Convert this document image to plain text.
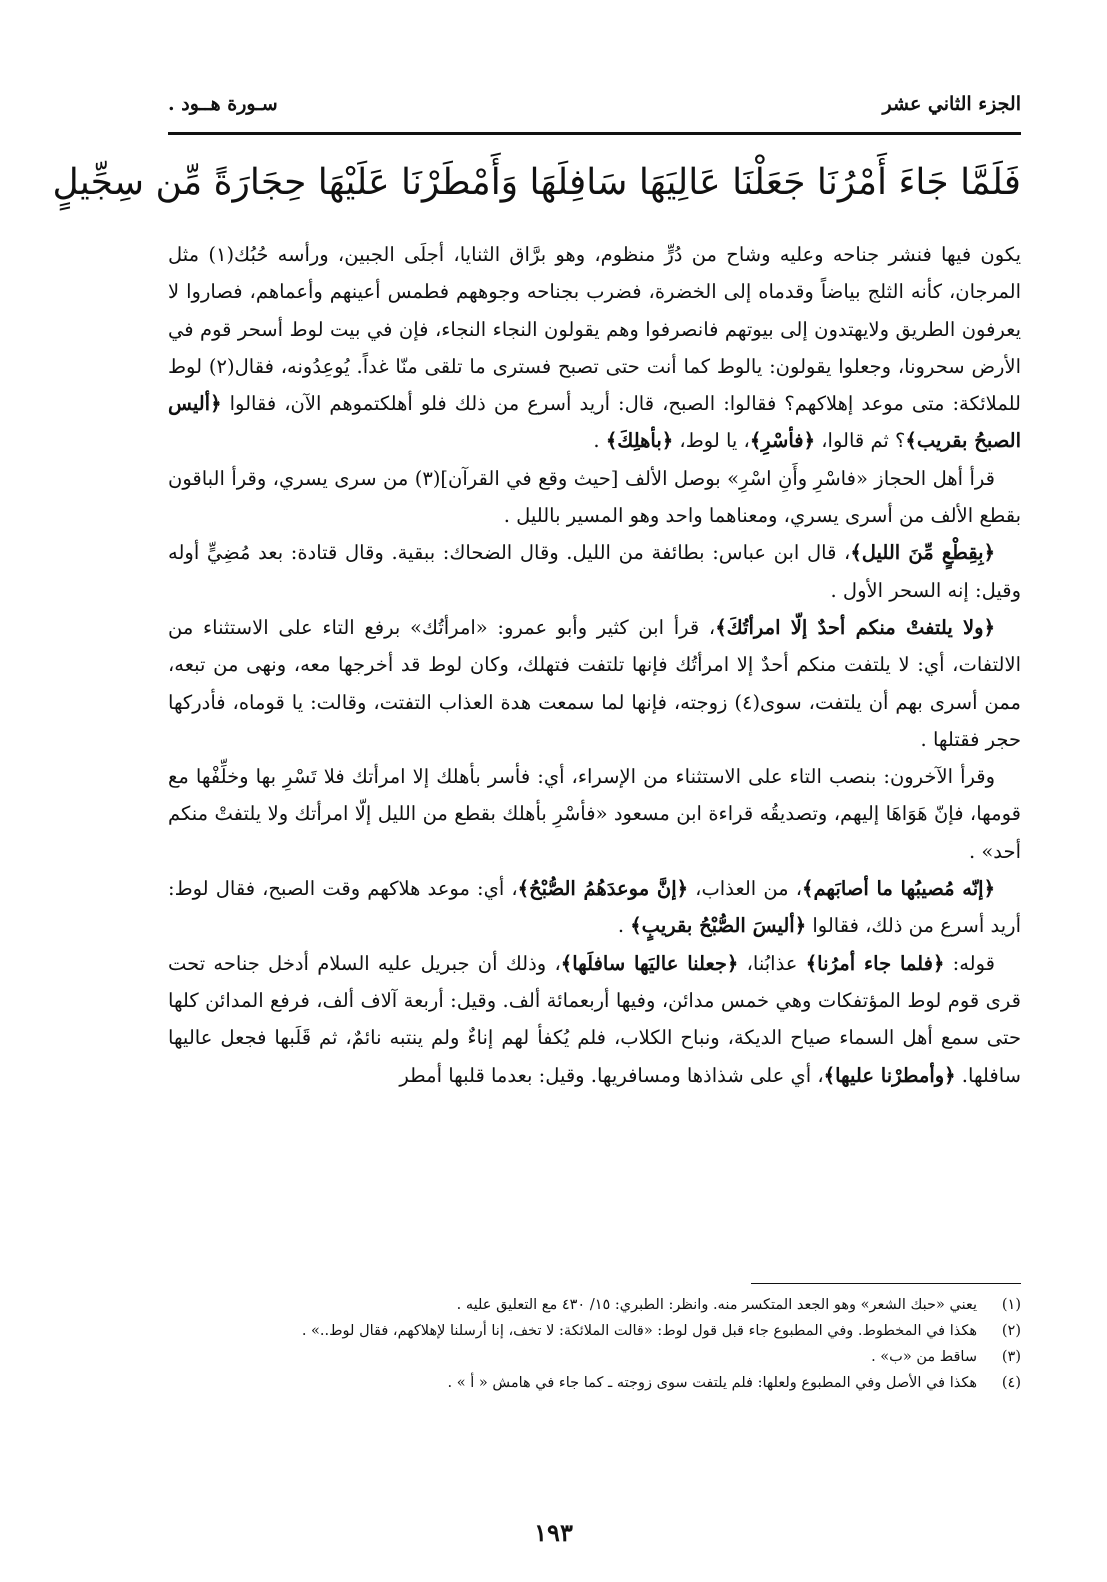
الجزء الثاني عشر
سـورة هــود .
فَلَمَّا جَاءَ أَمْرُنَا جَعَلْنَا عَالِيَهَا سَافِلَهَا وَأَمْطَرْنَا عَلَيْهَا حِجَارَةً مِّن سِجِّيلٍ

يكون فيها فنشر جناحه وعليه وشاح من دُرٍّ منظوم، وهو برَّاق الثنايا، أجلَى الجبين، ورأسه حُبُك(١) مثل المرجان، كأنه الثلج بياضاً وقدماه إلى الخضرة، فضرب بجناحه وجوههم فطمس أعينهم وأعماهم، فصاروا لا يعرفون الطريق ولايهتدون إلى بيوتهم فانصرفوا وهم يقولون النجاء النجاء، فإن في بيت لوط أسحر قوم في الأرض سحرونا، وجعلوا يقولون: يالوط كما أنت حتى تصبح فسترى ما تلقى منّا غداً. يُوعِدُونه، فقال(٢) لوط للملائكة: متى موعد إهلاكهم؟ فقالوا: الصبح، قال: أريد أسرع من ذلك فلو أهلكتموهم الآن، فقالوا ﴿أليس الصبحُ بقريب﴾؟ ثم قالوا، ﴿فأسْرِ﴾، يا لوط، ﴿بأهلِكَ﴾ .

قرأ أهل الحجاز «فاسْرِ وأَنِ اسْرِ» بوصل الألف [حيث وقع في القرآن](٣) من سرى يسري، وقرأ الباقون بقطع الألف من أسرى يسري، ومعناهما واحد وهو المسير بالليل .

﴿بِقِطْعٍ مِّنَ الليل﴾، قال ابن عباس: بطائفة من الليل. وقال الضحاك: ببقية. وقال قتادة: بعد مُضِيٍّ أوله وقيل: إنه السحر الأول .

﴿ولا يلتفتْ منكم أحدٌ إلّا امرأتُكَ﴾، قرأ ابن كثير وأبو عمرو: «امرأتُك» برفع التاء على الاستثناء من الالتفات، أي: لا يلتفت منكم أحدٌ إلا امرأتُك فإنها تلتفت فتهلك، وكان لوط قد أخرجها معه، ونهى من تبعه، ممن أسرى بهم أن يلتفت، سوى(٤) زوجته، فإنها لما سمعت هدة العذاب التفتت، وقالت: يا قوماه، فأدركها حجر فقتلها .

وقرأ الآخرون: بنصب التاء على الاستثناء من الإسراء، أي: فأسر بأهلك إلا امرأتك فلا تَسْرِ بها وخلِّفْها مع قومها، فإنّ هَوَاهَا إليهم، وتصديقُه قراءة ابن مسعود «فأسْرِ بأهلك بقطع من الليل إلّا امرأتك ولا يلتفتْ منكم أحد» .

﴿إنّه مُصيبُها ما أصابَهم﴾، من العذاب، ﴿إنَّ موعدَهُمُ الصُّبْحُ﴾، أي: موعد هلاكهم وقت الصبح، فقال لوط: أريد أسرع من ذلك، فقالوا ﴿أليسَ الصُّبْحُ بقريبٍ﴾ .

قوله: ﴿فلما جاء أمرُنا﴾ عذابُنا، ﴿جعلنا عاليَها سافلَها﴾، وذلك أن جبريل عليه السلام أدخل جناحه تحت قرى قوم لوط المؤتفكات وهي خمس مدائن، وفيها أربعمائة ألف. وقيل: أربعة آلاف ألف، فرفع المدائن كلها حتى سمع أهل السماء صياح الديكة، ونباح الكلاب، فلم يُكفأ لهم إناءٌ ولم ينتبه نائمٌ، ثم قَلَبها فجعل عاليها سافلها. ﴿وأمطرْنا عليها﴾، أي على شذاذها ومسافريها. وقيل: بعدما قلبها أمطر

(١)
يعني «حبك الشعر» وهو الجعد المتكسر منه. وانظر: الطبري: ١٥/ ٤٣٠ مع التعليق عليه .
(٢)
هكذا في المخطوط. وفي المطبوع جاء قبل قول لوط: «قالت الملائكة: لا تخف، إنا أرسلنا لإهلاكهم، فقال لوط..» .
(٣)
ساقط من «ب» .
(٤)
هكذا في الأصل وفي المطبوع ولعلها: فلم يلتفت سوى زوجته ـ كما جاء في هامش « أ » .
١٩٣
